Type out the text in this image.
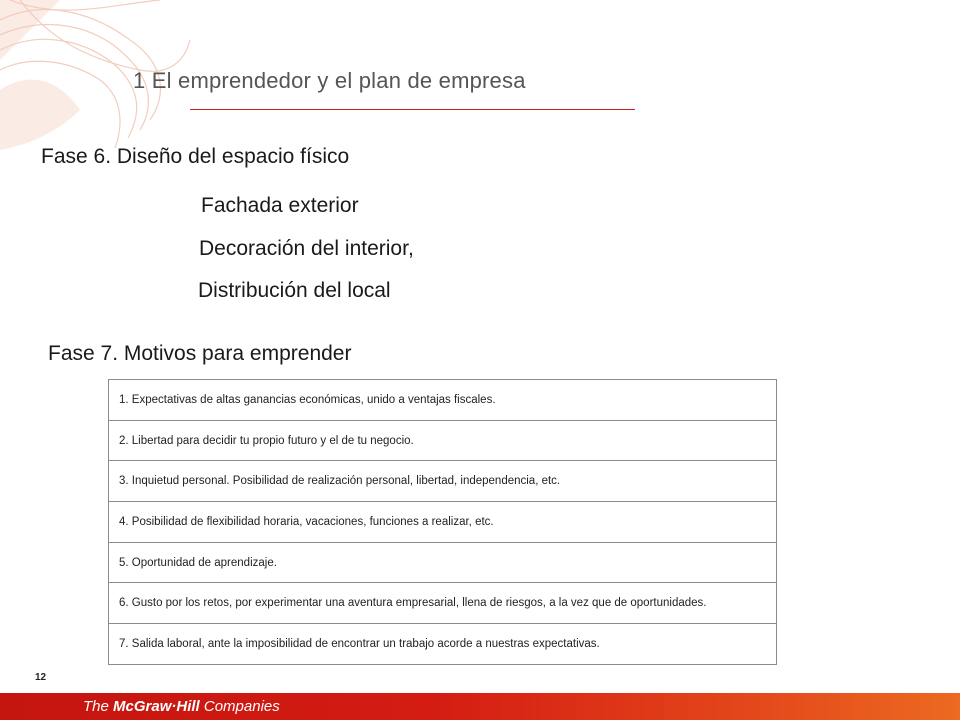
1 El emprendedor y el plan de empresa
Fase 6. Diseño del espacio físico
Fachada exterior
Decoración del interior,
Distribución del local
Fase 7. Motivos para emprender
1. Expectativas de altas ganancias económicas, unido a ventajas fiscales.
2. Libertad para decidir tu propio futuro y el de tu negocio.
3. Inquietud personal. Posibilidad de realización personal, libertad, independencia, etc.
4. Posibilidad de flexibilidad horaria, vacaciones, funciones a realizar, etc.
5. Oportunidad de aprendizaje.
6. Gusto por los retos, por experimentar una aventura empresarial, llena de riesgos, a la vez que de oportunidades.
7. Salida laboral, ante la imposibilidad de encontrar un trabajo acorde a nuestras expectativas.
12
The McGraw·Hill Companies
